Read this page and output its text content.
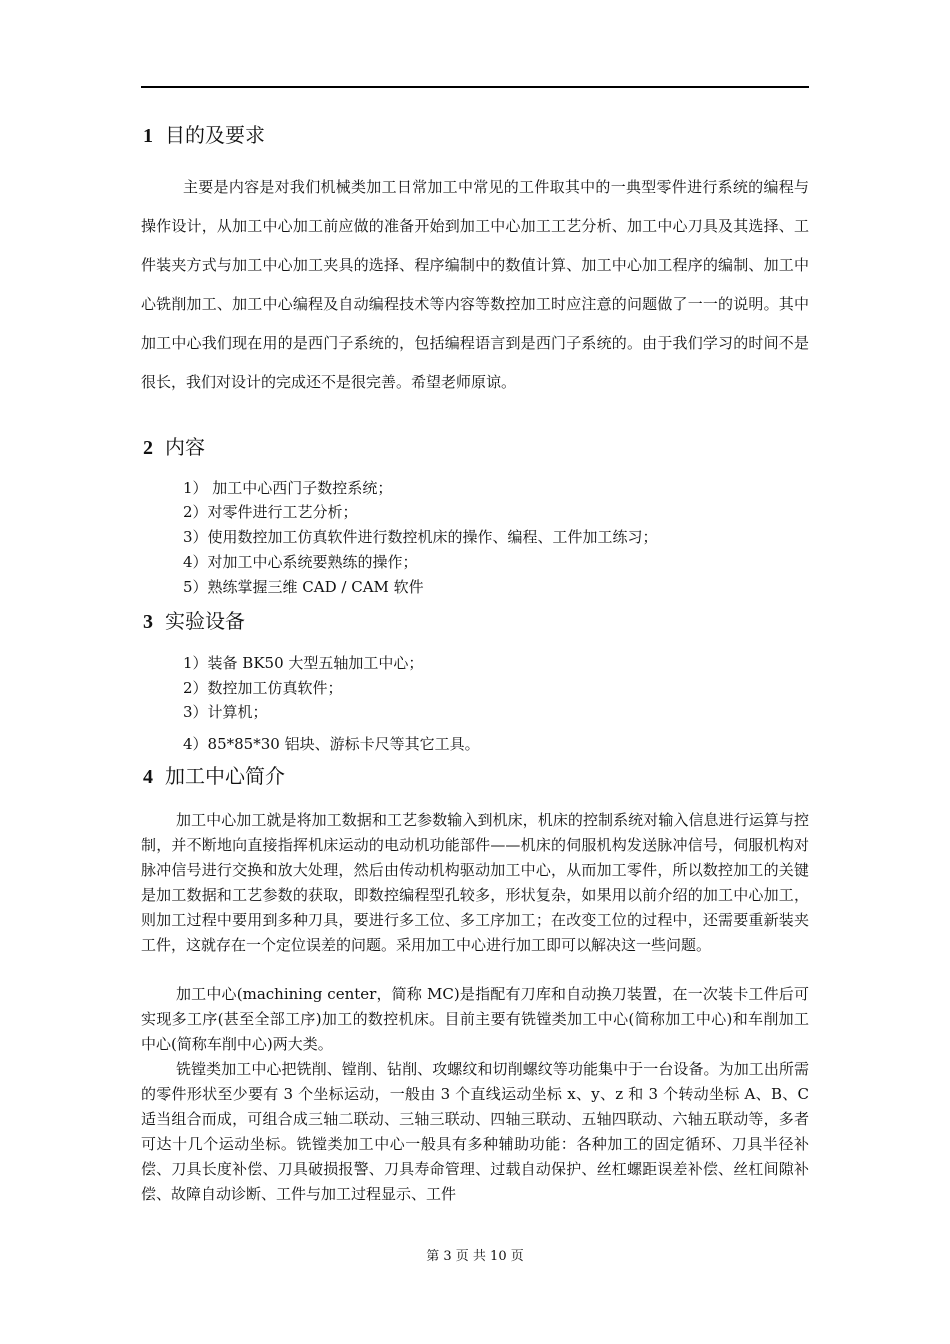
1 目的及要求
主要是内容是对我们机械类加工日常加工中常见的工件取其中的一典型零件进行系统的编程与操作设计，从加工中心加工前应做的准备开始到加工中心加工工艺分析、加工中心刀具及其选择、工件装夹方式与加工中心加工夹具的选择、程序编制中的数值计算、加工中心加工程序的编制、加工中心铣削加工、加工中心编程及自动编程技术等内容等数控加工时应注意的问题做了一一的说明。其中加工中心我们现在用的是西门子系统的，包括编程语言到是西门子系统的。由于我们学习的时间不是很长，我们对设计的完成还不是很完善。希望老师原谅。
2 内容
1） 加工中心西门子数控系统；
2）对零件进行工艺分析；
3）使用数控加工仿真软件进行数控机床的操作、编程、工件加工练习；
4）对加工中心系统要熟练的操作；
5）熟练掌握三维 CAD / CAM 软件
3 实验设备
1）装备 BK50 大型五轴加工中心；
2）数控加工仿真软件；
3）计算机；
4）85*85*30 铝块、游标卡尺等其它工具。
4 加工中心简介
加工中心加工就是将加工数据和工艺参数输入到机床，机床的控制系统对输入信息进行运算与控制，并不断地向直接指挥机床运动的电动机功能部件——机床的伺服机构发送脉冲信号，伺服机构对脉冲信号进行交换和放大处理，然后由传动机构驱动加工中心，从而加工零件，所以数控加工的关键是加工数据和工艺参数的获取，即数控编程型孔较多，形状复杂，如果用以前介绍的加工中心加工，则加工过程中要用到多种刀具，要进行多工位、多工序加工；在改变工位的过程中，还需要重新装夹工件，这就存在一个定位误差的问题。采用加工中心进行加工即可以解决这一些问题。
加工中心(machining center，简称 MC)是指配有刀库和自动换刀装置，在一次装卡工件后可实现多工序(甚至全部工序)加工的数控机床。目前主要有铣镗类加工中心(简称加工中心)和车削加工中心(简称车削中心)两大类。
铣镗类加工中心把铣削、镗削、钻削、攻螺纹和切削螺纹等功能集中于一台设备。为加工出所需的零件形状至少要有 3 个坐标运动，一般由 3 个直线运动坐标 x、y、z 和 3 个转动坐标 A、B、C 适当组合而成，可组合成三轴二联动、三轴三联动、四轴三联动、五轴四联动、六轴五联动等，多者可达十几个运动坐标。铣镗类加工中心一般具有多种辅助功能：各种加工的固定循环、刀具半径补偿、刀具长度补偿、刀具破损报警、刀具寿命管理、过载自动保护、丝杠螺距误差补偿、丝杠间隙补偿、故障自动诊断、工件与加工过程显示、工件
第 3 页 共 10 页
